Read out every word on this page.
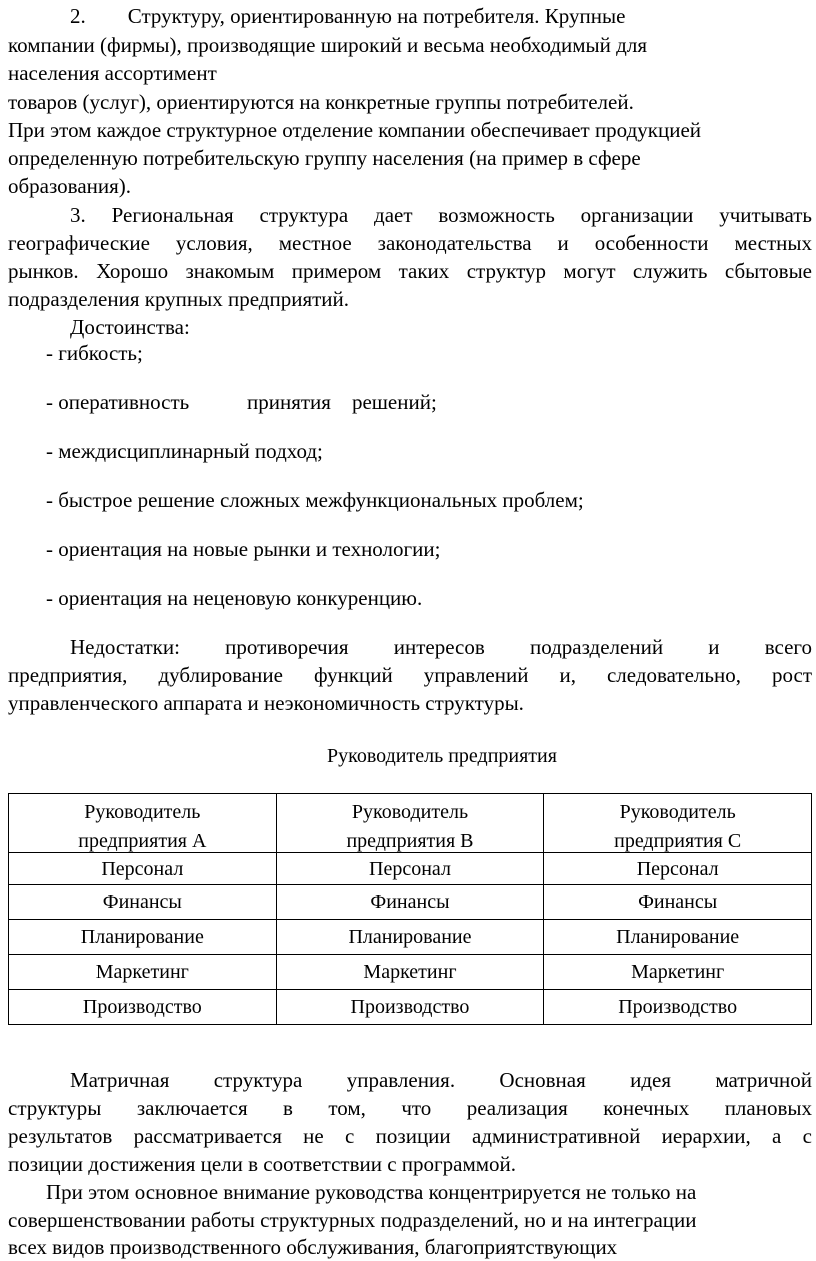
2.        Структуру, ориентированную на потребителя. Крупные
компании (фирмы), производящие широкий и весьма необходимый для
населения ассортимент
товаров (услуг), ориентируются на конкретные группы потребителей.
При этом каждое структурное отделение компании обеспечивает продукцией
определенную потребительскую группу населения (на пример в сфере
образования).
3. Региональная структура дает возможность организации учитывать
географические условия, местное законодательства и особенности местных
рынков. Хорошо знакомым примером таких структур могут служить сбытовые
подразделения крупных предприятий.
Достоинства:
- гибкость;
- оперативность           принятия    решений;
- междисциплинарный подход;
- быстрое решение сложных межфункциональных проблем;
- ориентация на новые рынки и технологии;
- ориентация на неценовую конкуренцию.
Недостатки: противоречия интересов подразделений и всего
предприятия, дублирование функций управлений и, следовательно, рост
управленческого аппарата и неэкономичность структуры.
Руководитель предприятия
Руководитель	Руководитель	Руководитель
предприятия А	предприятия В	предприятия С
Персонал	Персонал	Персонал
Финансы	Финансы	Финансы
Планирование	Планирование	Планирование
Маркетинг	Маркетинг	Маркетинг
Производство	Производство	Производство
Матричная структура управления. Основная идея матричной
структуры заключается в том, что реализация конечных плановых
результатов рассматривается не с позиции административной иерархии, а с
позиции достижения цели в соответствии с программой.
При этом основное внимание руководства концентрируется не только на
совершенствовании работы структурных подразделений, но и на интеграции
всех видов производственного обслуживания, благоприятствующих
